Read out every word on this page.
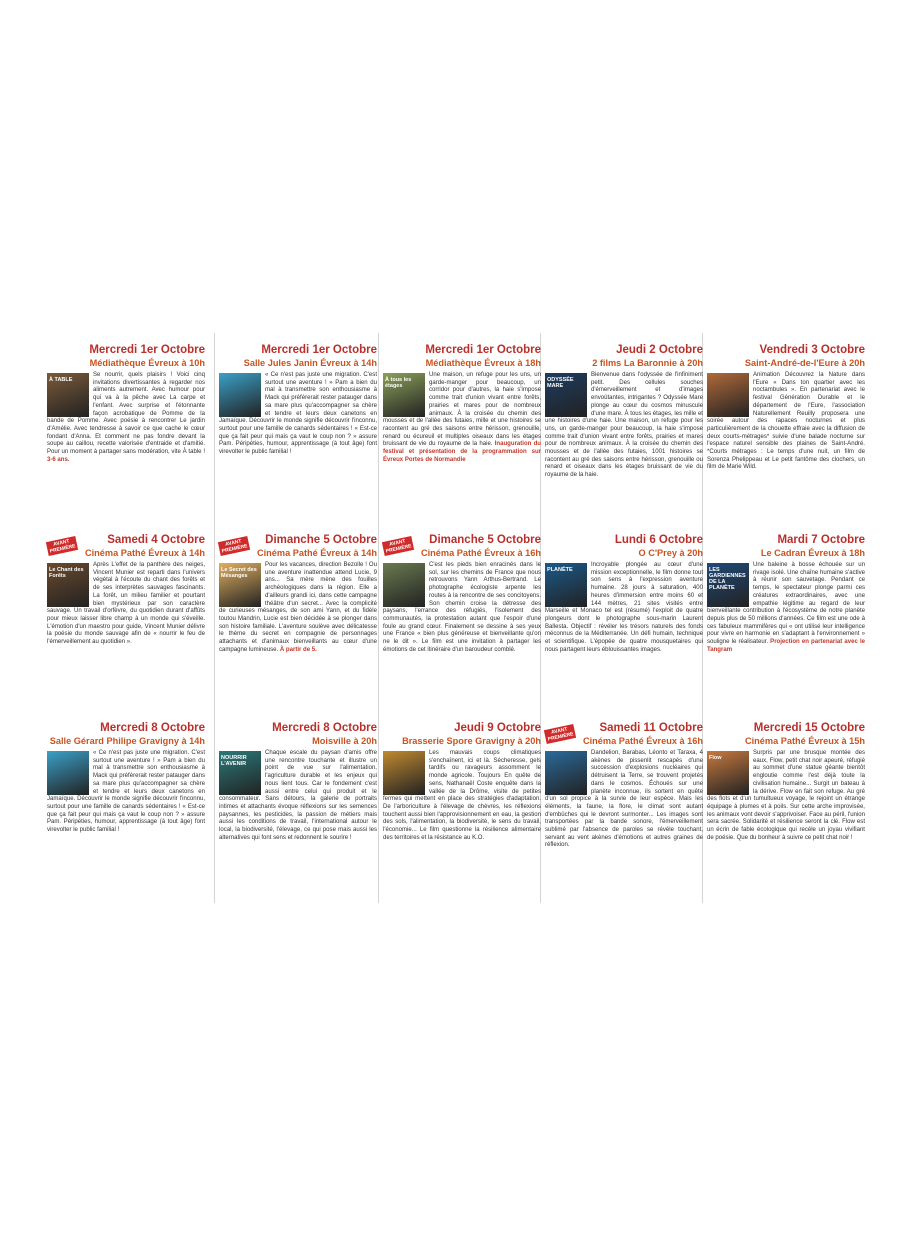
Mercredi 1er Octobre
Médiathèque Évreux à 10h
À TABLE
Se nourrir, quels plaisirs ! Voici cinq invitations divertissantes à regarder nos aliments autrement. Avec humour pour qui va à la pêche avec La carpe et l'enfant. Avec surprise et l'étonnante façon acrobatique de Pomme de la bande de Pomme. Avec poésie à rencontrer Le jardin d'Amélie. Avec tendresse à savoir ce que cache le cœur fondant d'Anna. Et comment ne pas fondre devant la soupe au caillou, recette valorisée d'entraide et d'amitié. Pour un moment à partager sans modération, vite À table ! 3-6 ans.
Mercredi 1er Octobre
Salle Jules Janin Évreux à 14h
« Ce n'est pas juste une migration. C'est surtout une aventure ! » Pam a bien du mal à transmettre son enthousiasme à Mack qui préférerait rester patauger dans sa mare plus qu'accompagner sa chère et tendre et leurs deux canetons en Jamaïque. Découvrir le monde signifie découvrir l'inconnu, surtout pour une famille de canards sédentaires ! « Est-ce que ça fait peur qui mais ça vaut le coup non ? » assure Pam. Péripéties, humour, apprentissage (à tout âge) font virevolter le public familial !
Mercredi 1er Octobre
Médiathèque Évreux à 18h
À tous les étages
Une maison, un refuge pour les uns, un garde-manger pour beaucoup, un corridor pour d'autres, la haie s'impose comme trait d'union vivant entre forêts, prairies et mares pour de nombreux animaux. À la croisée du chemin des mousses et de l'allée des futaies, mille et une histoires se racontent au gré des saisons entre hérisson, grenouille, renard ou écureuil et multiples oiseaux dans les étages bruissant de vie du royaume de la haie. Inauguration du festival et présentation de la programmation sur Évreux Portes de Normandie
Jeudi 2 Octobre
2 films La Baronnie à 20h
ODYSSÉE MARE
Bienvenue dans l'odyssée de l'infiniment petit. Des cellules souches d'émerveillement et d'images envoûtantes, intrigantes ? Odyssée Mare plonge au cœur du cosmos minuscule d'une mare. À tous les étages, les mille et une histoires d'une haie. Une maison, un refuge pour les uns, un garde-manger pour beaucoup, la haie s'impose comme trait d'union vivant entre forêts, prairies et mares pour de nombreux animaux. À la croisée du chemin des mousses et de l'allée des futaies, 1001 histoires se racontent au gré des saisons entre hérisson, grenouille ou renard et oiseaux dans les étages bruissant de vie du royaume de la haie.
Vendredi 3 Octobre
Saint-André-de-l'Eure à 20h
Animation Découvrez la Nature dans l'Eure « Dans ton quartier avec les noctambules ». En partenariat avec le festival Génération Durable et le département de l'Eure, l'association Naturellement Reuilly proposera une soirée autour des rapaces nocturnes et plus particulièrement de la chouette effraie avec la diffusion de deux courts-métrages* suivie d'une balade nocturne sur l'espace naturel sensible des plaines de Saint-André. *Courts métrages : Le temps d'une nuit, un film de Sorenza Phelippeau et Le petit fantôme des clochers, un film de Marie Wild.
AVANT PREMIÈRE
Samedi 4 Octobre
Cinéma Pathé Évreux à 14h
Le Chant des Forêts
Après L'effet de la panthère des neiges, Vincent Munier est reparti dans l'univers végétal à l'écoute du chant des forêts et de ses interprètes sauvages fascinants. La forêt, un milieu familier et pourtant bien mystérieux par son caractère sauvage. Un travail d'orfèvre, du quotidien durant d'affûts pour mieux laisser libre champ à un monde qui s'éveille. L'émotion d'un maestro pour guide, Vincent Munier délivre la poésie du monde sauvage afin de « nourrir le feu de l'émerveillement au quotidien ».
AVANT PREMIÈRE
Dimanche 5 Octobre
Cinéma Pathé Évreux à 14h
Le Secret des Mésanges
Pour les vacances, direction Bezolle ! Ou une aventure inattendue attend Lucie, 9 ans... Sa mère mène des fouilles archéologiques dans la région. Elle a d'ailleurs grandi ici, dans cette campagne théâtre d'un secret... Avec la complicité de curieuses mésanges, de son ami Yann, et du fidèle toutou Mandrin, Lucie est bien décidée à se plonger dans son histoire familiale. L'aventure soulève avec délicatesse le thème du secret en compagnie de personnages attachants et d'animaux bienveillants au cœur d'une campagne lumineuse. À partir de 5.
AVANT PREMIÈRE
Dimanche 5 Octobre
Cinéma Pathé Évreux à 16h
C'est les pieds bien enracinés dans le sol, sur les chemins de France que nous retrouvons Yann Arthus-Bertrand. Le photographe écologiste arpente les routes à la rencontre de ses concitoyens. Son chemin croise la détresse des paysans, l'errance des réfugiés, l'isolement des communautés, la protestation autant que l'espoir d'une foule au grand cœur. Finalement se dessine à ses yeux une France « bien plus généreuse et bienveillante qu'on ne le dit ». Le film est une invitation à partager les émotions de cet itinéraire d'un baroudeur comblé.
Lundi 6 Octobre
O C'Prey à 20h
PLANÈTE
Incroyable plongée au cœur d'une mission exceptionnelle, le film donne tout son sens à l'expression aventure humaine. 28 jours à saturation, 400 heures d'immersion entre moins 60 et 144 mètres, 21 sites visités entre Marseille et Monaco tel est (résumé) l'exploit de quatre plongeurs dont le photographe sous-marin Laurent Ballesta. Objectif : révéler les trésors naturels des fonds méconnus de la Méditerranée. Un défi humain, technique et scientifique. L'épopée de quatre mousquetaires qui nous partagent leurs éblouissantes images.
Mardi 7 Octobre
Le Cadran Évreux à 18h
LES GARDIENNES DE LA PLANÈTE
Une baleine à bosse échouée sur un rivage isolé. Une chaîne humaine s'active à réunir son sauvetage. Pendant ce temps, le spectateur plonge parmi ces créatures extraordinaires, avec une empathie légitime au regard de leur bienveillante contribution à l'écosystème de notre planète depuis plus de 50 millions d'années. Ce film est une ode à ces fabuleux mammifères qui « ont utilisé leur intelligence pour vivre en harmonie en s'adaptant à l'environnement » souligne le réalisateur. Projection en partenariat avec le Tangram
Mercredi 8 Octobre
Salle Gérard Philipe Gravigny à 14h
« Ce n'est pas juste une migration. C'est surtout une aventure ! » Pam a bien du mal à transmettre son enthousiasme à Mack qui préférerait rester patauger dans sa mare plus qu'accompagner sa chère et tendre et leurs deux canetons en Jamaïque. Découvrir le monde signifie découvrir l'inconnu, surtout pour une famille de canards sédentaires ! « Est-ce que ça fait peur qui mais ça vaut le coup non ? » assure Pam. Péripéties, humour, apprentissage (à tout âge) font virevolter le public familial !
Mercredi 8 Octobre
Moisville à 20h
NOURRIR L'AVENIR
Chaque escale du paysan d'amis offre une rencontre touchante et illustre un point de vue sur l'alimentation, l'agriculture durable et les enjeux qui nous lient tous. Car le fondement c'est aussi entre celui qui produit et le consommateur. Sans détours, la galerie de portraits intimes et attachants évoque réflexions sur les semences paysannes, les pesticides, la passion de métiers mais aussi les conditions de travail, l'international autour le local, la biodiversité, l'élevage, ce qui pose mais aussi les alternatives qui font sens et redonnent le sourire !
Jeudi 9 Octobre
Brasserie Spore Gravigny à 20h
Les mauvais coups climatiques s'enchaînent, ici et là. Sécheresse, gels tardifs ou ravageurs assomment le monde agricole. Toujours En quête de sens, Nathanaël Coste enquête dans la vallée de la Drôme, visite de petites fermes qui mettent en place des stratégies d'adaptation. De l'arboriculture à l'élevage de chèvres, les réflexions touchent aussi bien l'approvisionnement en eau, la gestion des sols, l'alimentation, la biodiversité, le sens du travail, l'économie... Le film questionne la résilience alimentaire des territoires et la résistance au K.O.
AVANT PREMIÈRE
Samedi 11 Octobre
Cinéma Pathé Évreux à 16h
Dandelion, Barabas, Léonto et Taraxa, 4 akènes de pissenlit rescapés d'une succession d'explosions nucléaires qui détruisent la Terre, se trouvent projetés dans le cosmos. Échoués sur une planète inconnue, ils sortent en quête d'un sol propice à la survie de leur espèce. Mais les éléments, la faune, la flore, le climat sont autant d'embûches qui le devront surmonter... Les images sont transportées par la bande sonore, l'émerveillement sublimé par l'absence de paroles se révèle touchant, servant au vent akènes d'émotions et autres graines de réflexion.
Mercredi 15 Octobre
Cinéma Pathé Évreux à 15h
Flow
Surpris par une brusque montée des eaux, Flow, petit chat noir apeuré, réfugié au sommet d'une statue géante bientôt engloutie comme l'est déjà toute la civilisation humaine... Surgit un bateau à la dérive. Flow en fait son refuge. Au gré des flots et d'un tumultueux voyage, le rejoint un étrange équipage à plumes et à poils. Sur cette arche improvisée, les animaux vont devoir s'apprivoiser. Face au péril, l'union sera sacrée. Solidarité et résilience seront la clé. Flow est un écrin de fable écologique qui recèle un joyau vivifiant de poésie. Que du bonheur à suivre ce petit chat noir !
